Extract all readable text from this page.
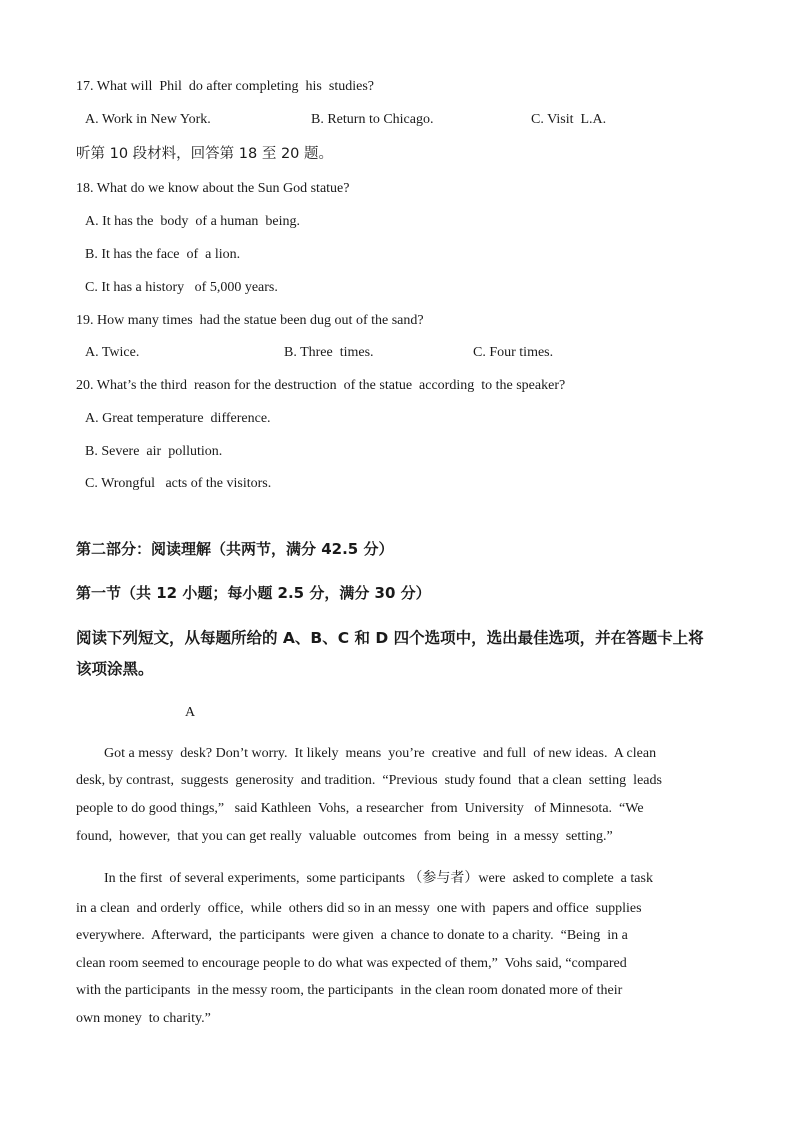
17. What will  Phil  do after completing  his  studies?
A. Work in New York.	B. Return to Chicago.	C. Visit  L.A.
听第 10 段材料，回答第 18 至 20 题。
18. What do we know about the Sun God statue?
A. It has the  body  of a human  being.
B. It has the face  of  a lion.
C. It has a history   of 5,000 years.
19. How many times  had the statue been dug out of the sand?
A. Twice.	B. Three  times.	C. Four times.
20. What’s the third  reason for the destruction  of the statue  according  to the speaker?
A. Great temperature  difference.
B. Severe  air  pollution.
C. Wrongful   acts of the visitors.
第二部分：阅读理解（共两节，满分 42.5 分）
第一节（共 12 小题；每小题 2.5 分，满分 30 分）
阅读下列短文，从每题所给的 A、B、C 和 D 四个选项中，选出最佳选项，并在答题卡上将
该项涂黑。
A
Got a messy  desk? Don’t worry.  It likely  means  you’re  creative  and full  of new ideas.  A clean
desk, by contrast,  suggests  generosity  and tradition.  “Previous  study found  that a clean  setting  leads
people to do good things,”   said Kathleen  Vohs,  a researcher  from  University   of Minnesota.  “We
found,  however,  that you can get really  valuable  outcomes  from  being  in  a messy  setting.”
In the first  of several experiments,  some participants （参与者）were  asked to complete  a task
in a clean  and orderly  office,  while  others did so in an messy  one with  papers and office  supplies
everywhere.  Afterward,  the participants  were given  a chance to donate to a charity.  “Being  in a
clean room seemed to encourage people to do what was expected of them,”  Vohs said, “compared
with the participants  in the messy room, the participants  in the clean room donated more of their
own money  to charity.”
